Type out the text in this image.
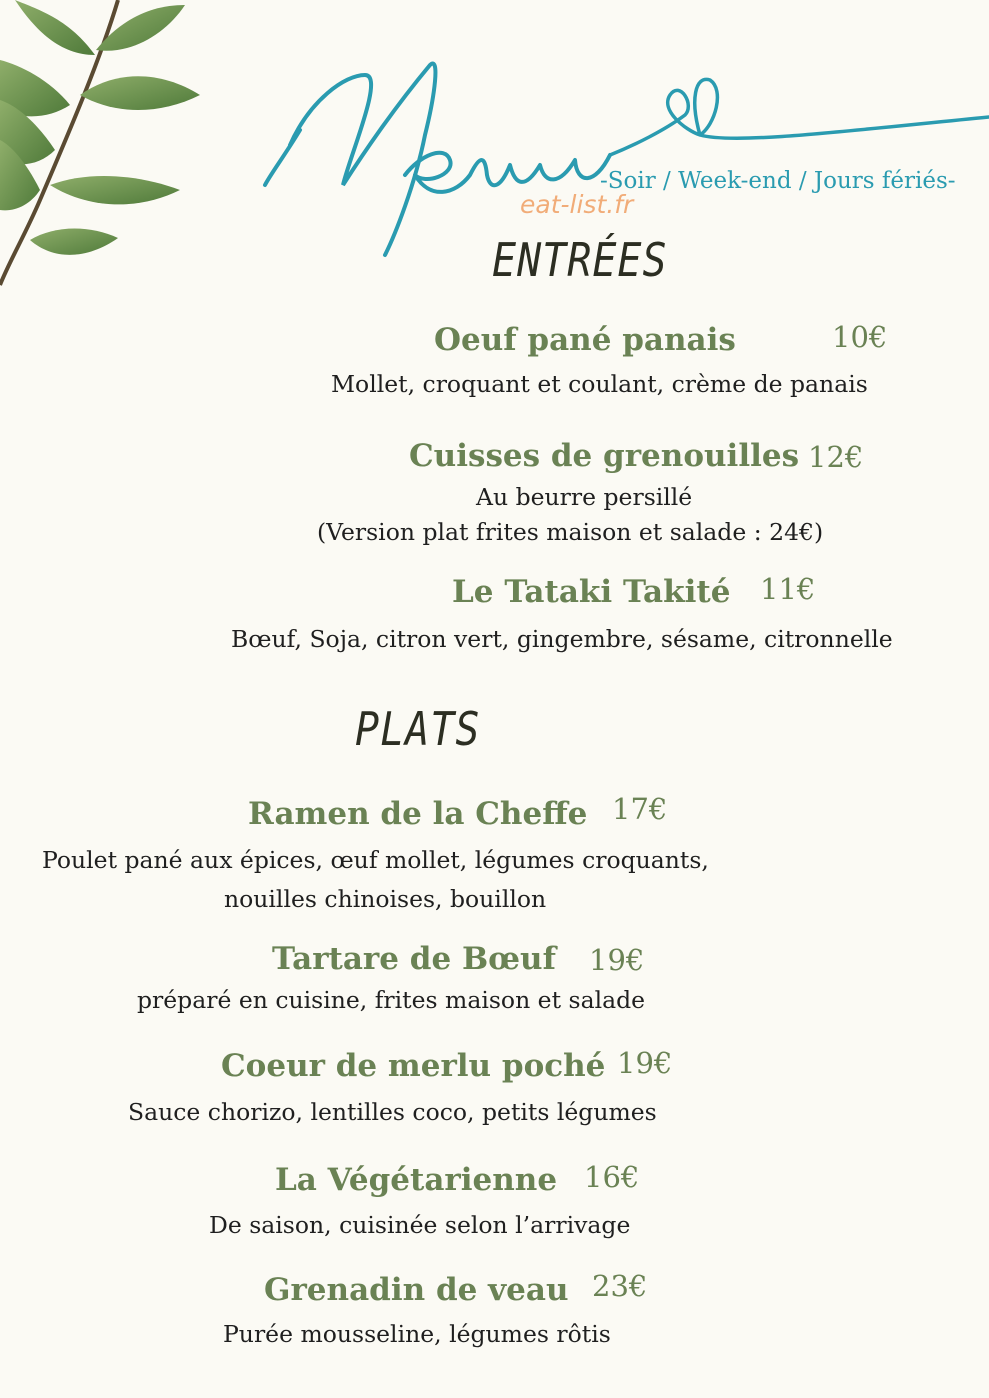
-Soir / Week-end / Jours fériés-
eat-list.fr
ENTRÉES
Oeuf pané panais	10€
Mollet, croquant et coulant, crème de panais
Cuisses de grenouilles 12€
Au beurre persillé
(Version plat frites maison et salade : 24€)
Le Tataki Takité 11€
Bœuf, Soja, citron vert, gingembre, sésame, citronnelle
PLATS
Ramen de la Cheffe 17€
Poulet pané aux épices, œuf mollet, légumes croquants,
nouilles chinoises, bouillon
Tartare de Bœuf 19€
préparé en cuisine, frites maison et salade
Coeur de merlu poché 19€
Sauce chorizo, lentilles coco, petits légumes
La Végétarienne 16€
De saison, cuisinée selon l’arrivage
Grenadin de veau 23€
Purée mousseline, légumes rôtis
